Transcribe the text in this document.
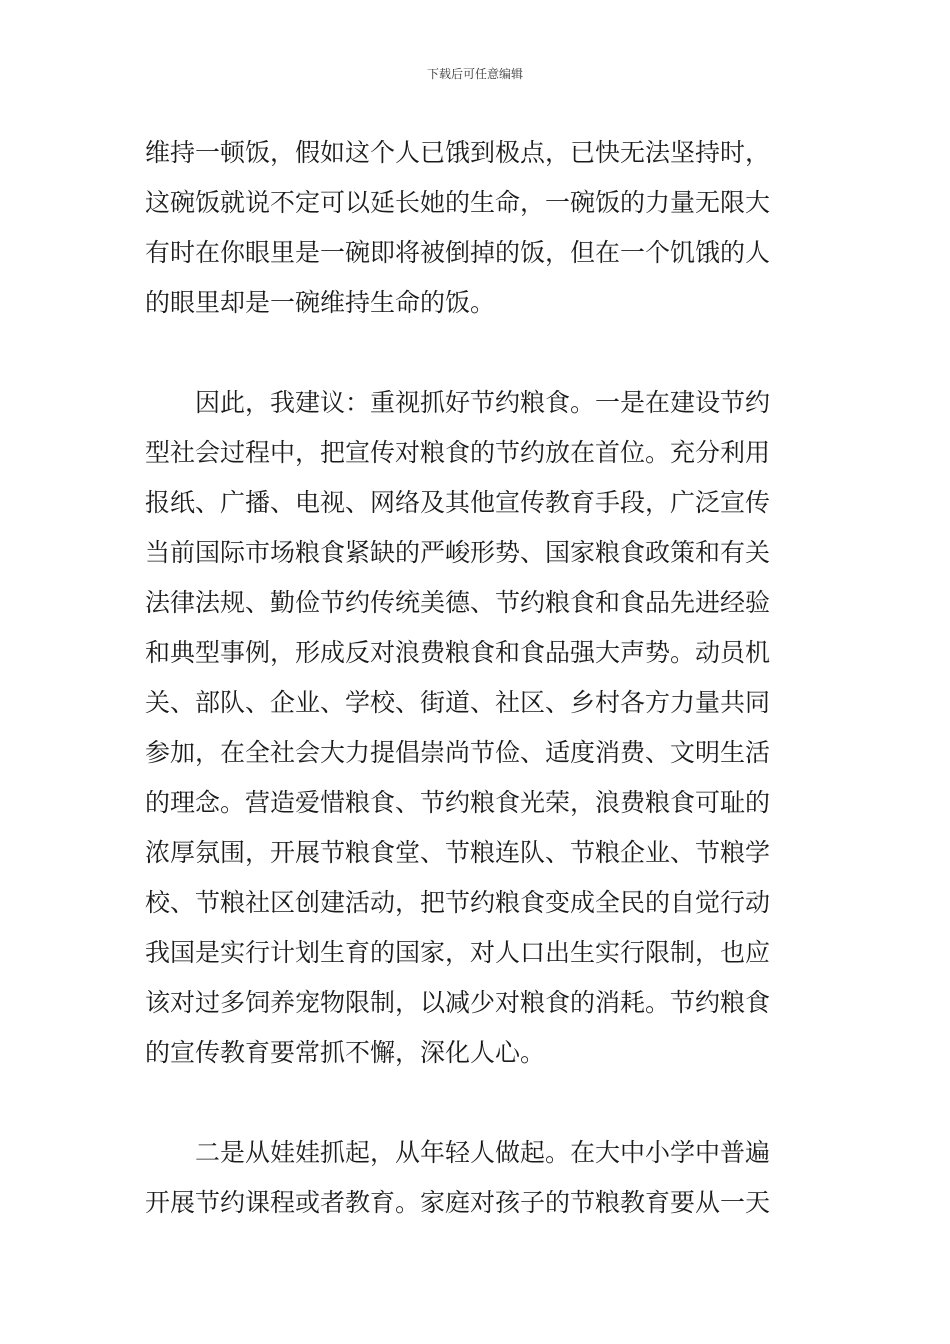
下载后可任意编辑
维持一顿饭，假如这个人已饿到极点，已快无法坚持时，
这碗饭就说不定可以延长她的生命，一碗饭的力量无限大
有时在你眼里是一碗即将被倒掉的饭，但在一个饥饿的人
的眼里却是一碗维持生命的饭。
因此，我建议：重视抓好节约粮食。一是在建设节约
型社会过程中，把宣传对粮食的节约放在首位。充分利用
报纸、广播、电视、网络及其他宣传教育手段，广泛宣传
当前国际市场粮食紧缺的严峻形势、国家粮食政策和有关
法律法规、勤俭节约传统美德、节约粮食和食品先进经验
和典型事例，形成反对浪费粮食和食品强大声势。动员机
关、部队、企业、学校、街道、社区、乡村各方力量共同
参加，在全社会大力提倡崇尚节俭、适度消费、文明生活
的理念。营造爱惜粮食、节约粮食光荣，浪费粮食可耻的
浓厚氛围，开展节粮食堂、节粮连队、节粮企业、节粮学
校、节粮社区创建活动，把节约粮食变成全民的自觉行动
我国是实行计划生育的国家，对人口出生实行限制，也应
该对过多饲养宠物限制，以减少对粮食的消耗。节约粮食
的宣传教育要常抓不懈，深化人心。
二是从娃娃抓起，从年轻人做起。在大中小学中普遍
开展节约课程或者教育。家庭对孩子的节粮教育要从一天
